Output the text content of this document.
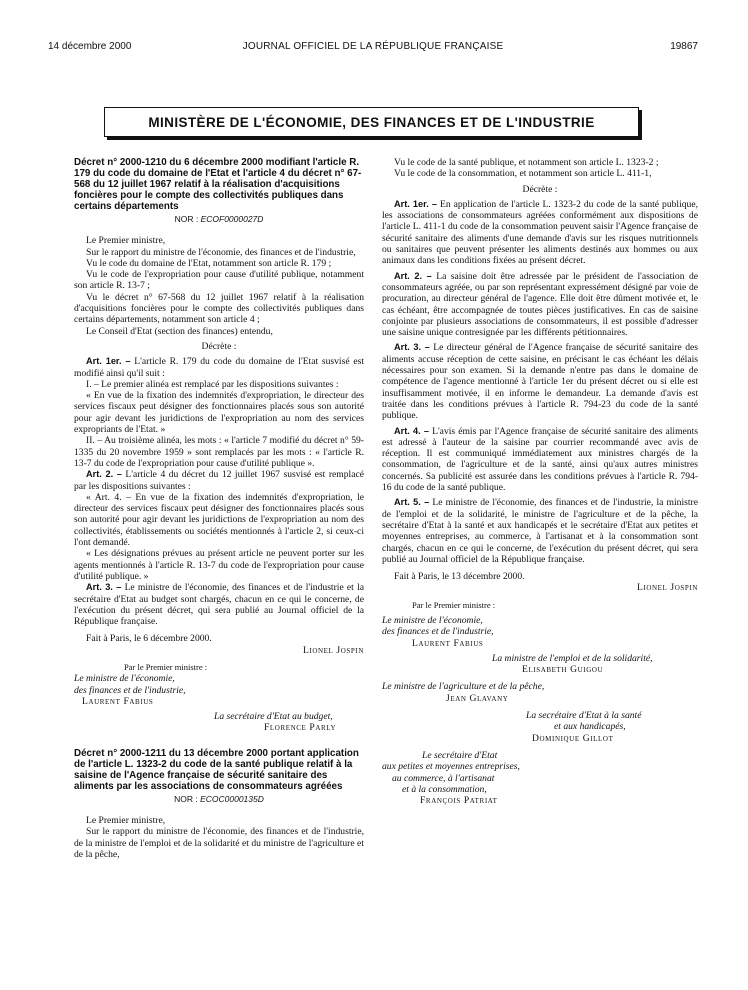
14 décembre 2000	JOURNAL OFFICIEL DE LA RÉPUBLIQUE FRANÇAISE	19867
MINISTÈRE DE L'ÉCONOMIE, DES FINANCES ET DE L'INDUSTRIE
Décret n° 2000-1210 du 6 décembre 2000 modifiant l'article R. 179 du code du domaine de l'Etat et l'article 4 du décret n° 67-568 du 12 juillet 1967 relatif à la réalisation d'acquisitions foncières pour le compte des collectivités publiques dans certains départements
NOR : ECOF0000027D

Le Premier ministre,

Sur le rapport du ministre de l'économie, des finances et de l'industrie,

Vu le code du domaine de l'Etat, notamment son article R. 179 ;

Vu le code de l'expropriation pour cause d'utilité publique, notamment son article R. 13-7 ;

Vu le décret n° 67-568 du 12 juillet 1967 relatif à la réalisation d'acquisitions foncières pour le compte des collectivités publiques dans certains départements, notamment son article 4 ;

Le Conseil d'Etat (section des finances) entendu,

Décrète :

Art. 1er. – L'article R. 179 du code du domaine de l'Etat susvisé est modifié ainsi qu'il suit :

I. – Le premier alinéa est remplacé par les dispositions suivantes :

« En vue de la fixation des indemnités d'expropriation, le directeur des services fiscaux peut désigner des fonctionnaires placés sous son autorité pour agir devant les juridictions de l'expropriation au nom des services expropriants de l'Etat. »

II. – Au troisième alinéa, les mots : « l'article 7 modifié du décret n° 59-1335 du 20 novembre 1959 » sont remplacés par les mots : « l'article R. 13-7 du code de l'expropriation pour cause d'utilité publique ».

Art. 2. – L'article 4 du décret du 12 juillet 1967 susvisé est remplacé par les dispositions suivantes :

« Art. 4. – En vue de la fixation des indemnités d'expropriation, le directeur des services fiscaux peut désigner des fonctionnaires placés sous son autorité pour agir devant les juridictions de l'expropriation au nom des collectivités, établissements ou sociétés mentionnés à l'article 2, si ceux-ci l'ont demandé.

« Les désignations prévues au présent article ne peuvent porter sur les agents mentionnés à l'article R. 13-7 du code de l'expropriation pour cause d'utilité publique. »

Art. 3. – Le ministre de l'économie, des finances et de l'industrie et la secrétaire d'Etat au budget sont chargés, chacun en ce qui le concerne, de l'exécution du présent décret, qui sera publié au Journal officiel de la République française.

Fait à Paris, le 6 décembre 2000.

Lionel Jospin

Par le Premier ministre :

Le ministre de l'économie,

des finances et de l'industrie,

Laurent Fabius

La secrétaire d'Etat au budget,

Florence Parly

Décret n° 2000-1211 du 13 décembre 2000 portant application de l'article L. 1323-2 du code de la santé publique relatif à la saisine de l'Agence française de sécurité sanitaire des aliments par les associations de consommateurs agréées
NOR : ECOC0000135D

Le Premier ministre,

Sur le rapport du ministre de l'économie, des finances et de l'industrie, de la ministre de l'emploi et de la solidarité et du ministre de l'agriculture et de la pêche,

Vu le code de la santé publique, et notamment son article L. 1323-2 ;

Vu le code de la consommation, et notamment son article L. 411-1,

Décrète :

Art. 1er. – En application de l'article L. 1323-2 du code de la santé publique, les associations de consommateurs agréées conformément aux dispositions de l'article L. 411-1 du code de la consommation peuvent saisir l'Agence française de sécurité sanitaire des aliments d'une demande d'avis sur les risques nutritionnels ou sanitaires que peuvent présenter les aliments destinés aux hommes ou aux animaux dans les conditions fixées au présent décret.

Art. 2. – La saisine doit être adressée par le président de l'association de consommateurs agréée, ou par son représentant expressément désigné par voie de procuration, au directeur général de l'agence. Elle doit être dûment motivée et, le cas échéant, être accompagnée de toutes pièces justificatives. En cas de saisine conjointe par plusieurs associations de consommateurs, il est possible d'adresser une saisine unique contresignée par les différents pétitionnaires.

Art. 3. – Le directeur général de l'Agence française de sécurité sanitaire des aliments accuse réception de cette saisine, en précisant le cas échéant les délais nécessaires pour son examen. Si la demande n'entre pas dans le domaine de compétence de l'agence mentionné à l'article 1er du présent décret ou si elle est insuffisamment motivée, il en informe le demandeur. La demande d'avis est traitée dans les conditions prévues à l'article R. 794-23 du code de la santé publique.

Art. 4. – L'avis émis par l'Agence française de sécurité sanitaire des aliments est adressé à l'auteur de la saisine par courrier recommandé avec avis de réception. Il est communiqué immédiatement aux ministres chargés de la consommation, de l'agriculture et de la santé, ainsi qu'aux autres ministres concernés. Sa publicité est assurée dans les conditions prévues à l'article R. 794-16 du code de la santé publique.

Art. 5. – Le ministre de l'économie, des finances et de l'industrie, la ministre de l'emploi et de la solidarité, le ministre de l'agriculture et de la pêche, la secrétaire d'Etat à la santé et aux handicapés et le secrétaire d'Etat aux petites et moyennes entreprises, au commerce, à l'artisanat et à la consommation sont chargés, chacun en ce qui le concerne, de l'exécution du présent décret, qui sera publié au Journal officiel de la République française.

Fait à Paris, le 13 décembre 2000.

Lionel Jospin

Par le Premier ministre :

Le ministre de l'économie,

des finances et de l'industrie,

Laurent Fabius

La ministre de l'emploi et de la solidarité,

Elisabeth Guigou

Le ministre de l'agriculture et de la pêche,

Jean Glavany

La secrétaire d'Etat à la santé

et aux handicapés,

Dominique Gillot

Le secrétaire d'Etat

aux petites et moyennes entreprises,

au commerce, à l'artisanat

et à la consommation,

François Patriat
